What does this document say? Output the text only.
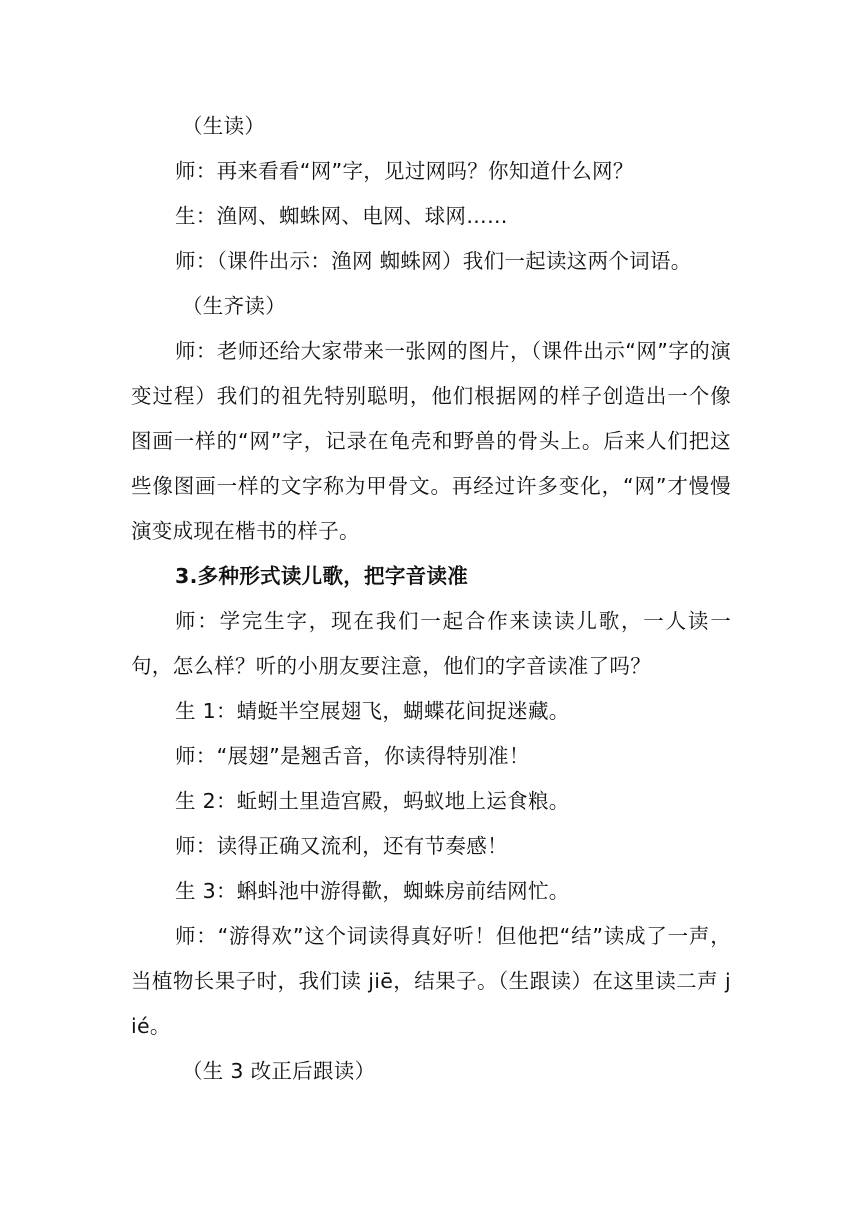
（生读）

师：再来看看“网”字，见过网吗？你知道什么网？

生：渔网、蜘蛛网、电网、球网……

师：（课件出示：渔网 蜘蛛网）我们一起读这两个词语。

（生齐读）

师：老师还给大家带来一张网的图片，（课件出示“网”字的演变过程）我们的祖先特别聪明，他们根据网的样子创造出一个像图画一样的“网”字，记录在龟壳和野兽的骨头上。后来人们把这些像图画一样的文字称为甲骨文。再经过许多变化，“网”才慢慢演变成现在楷书的样子。

3.多种形式读儿歌，把字音读准

师：学完生字，现在我们一起合作来读读儿歌，一人读一句，怎么样？听的小朋友要注意，他们的字音读准了吗？

生 1：蜻蜓半空展翅飞，蝴蝶花间捉迷藏。

师：“展翅”是翘舌音，你读得特别准！

生 2：蚯蚓土里造宫殿，蚂蚁地上运食粮。

师：读得正确又流利，还有节奏感！

生 3：蝌蚪池中游得歡，蜘蛛房前结网忙。

师：“游得欢”这个词读得真好听！但他把“结”读成了一声，当植物长果子时，我们读 jiē，结果子。（生跟读）在这里读二声 jié。

（生 3 改正后跟读）
